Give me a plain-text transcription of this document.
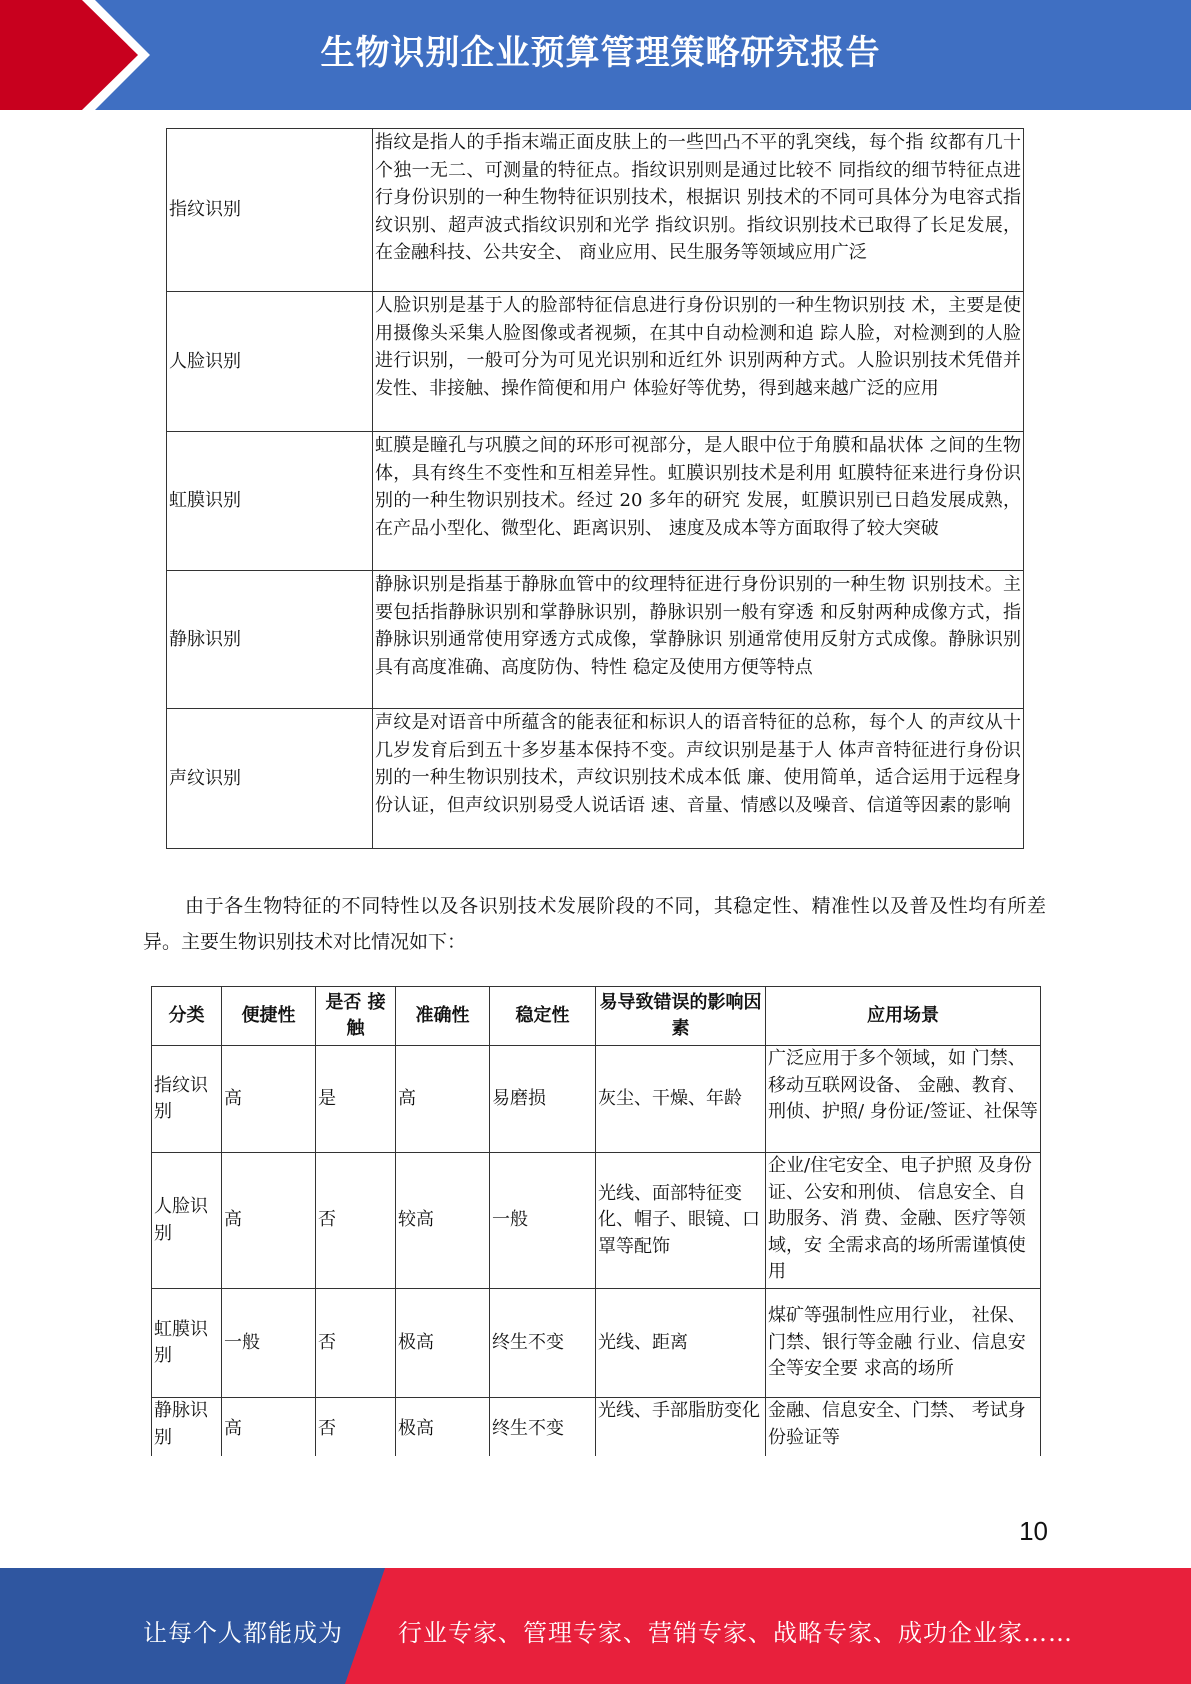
生物识别企业预算管理策略研究报告
指纹识别	指纹是指人的手指末端正面皮肤上的一些凹凸不平的乳突线，每个指 纹都有几十个独一无二、可测量的特征点。指纹识别则是通过比较不 同指纹的细节特征点进行身份识别的一种生物特征识别技术，根据识 别技术的不同可具体分为电容式指纹识别、超声波式指纹识别和光学 指纹识别。指纹识别技术已取得了长足发展，在金融科技、公共安全、 商业应用、民生服务等领域应用广泛
人脸识别	人脸识别是基于人的脸部特征信息进行身份识别的一种生物识别技 术，主要是使用摄像头采集人脸图像或者视频，在其中自动检测和追 踪人脸，对检测到的人脸进行识别，一般可分为可见光识别和近红外 识别两种方式。人脸识别技术凭借并发性、非接触、操作简便和用户 体验好等优势，得到越来越广泛的应用
虹膜识别	虹膜是瞳孔与巩膜之间的环形可视部分，是人眼中位于角膜和晶状体 之间的生物体，具有终生不变性和互相差异性。虹膜识别技术是利用 虹膜特征来进行身份识别的一种生物识别技术。经过 20 多年的研究 发展，虹膜识别已日趋发展成熟，在产品小型化、微型化、距离识别、 速度及成本等方面取得了较大突破
静脉识别	静脉识别是指基于静脉血管中的纹理特征进行身份识别的一种生物 识别技术。主要包括指静脉识别和掌静脉识别，静脉识别一般有穿透 和反射两种成像方式，指静脉识别通常使用穿透方式成像，掌静脉识 别通常使用反射方式成像。静脉识别具有高度准确、高度防伪、特性 稳定及使用方便等特点
声纹识别	声纹是对语音中所蕴含的能表征和标识人的语音特征的总称，每个人 的声纹从十几岁发育后到五十多岁基本保持不变。声纹识别是基于人 体声音特征进行身份识别的一种生物识别技术，声纹识别技术成本低 廉、使用简单，适合运用于远程身份认证，但声纹识别易受人说话语 速、音量、情感以及噪音、信道等因素的影响

由于各生物特征的不同特性以及各识别技术发展阶段的不同，其稳定性、精准性以及普及性均有所差异。主要生物识别技术对比情况如下：

分类	便捷性	是否 接触	准确性	稳定性	易导致错误的影响因素	应用场景
指纹识别	高	是	高	易磨损	灰尘、干燥、年龄	广泛应用于多个领域，如 门禁、移动互联网设备、 金融、教育、刑侦、护照/ 身份证/签证、社保等
人脸识别	高	否	较高	一般	光线、面部特征变化、帽子、眼镜、口罩等配饰	企业/住宅安全、电子护照 及身份证、公安和刑侦、 信息安全、自助服务、消 费、金融、医疗等领域，安 全需求高的场所需谨慎使用
虹膜识别	一般	否	极高	终生不变	光线、距离	煤矿等强制性应用行业， 社保、门禁、银行等金融 行业、信息安全等安全要 求高的场所
静脉识别	高	否	极高	终生不变	光线、手部脂肪变化	金融、信息安全、门禁、 考试身份验证等
10
让每个人都能成为 行业专家、管理专家、营销专家、战略专家、成功企业家……
